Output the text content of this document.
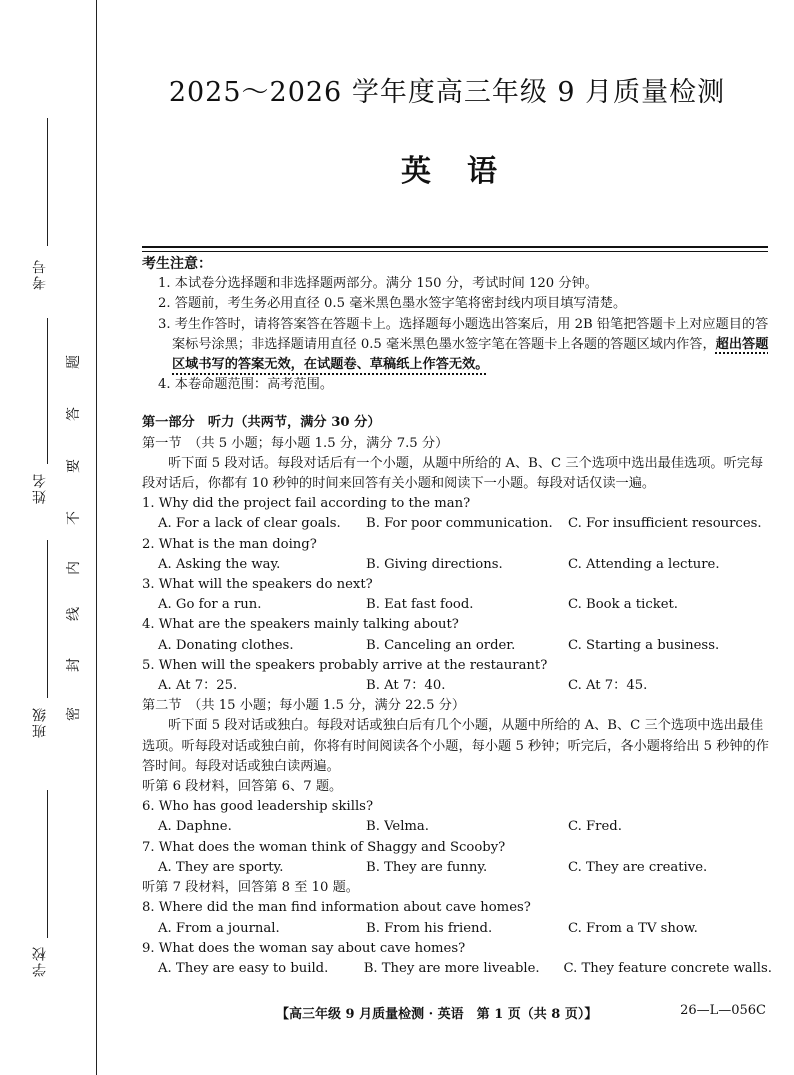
考号
姓名
班级
学校
题
答
要
不
内
线
封
密
2025～2026 学年度高三年级 9 月质量检测
英语
考生注意：
1. 本试卷分选择题和非选择题两部分。满分 150 分，考试时间 120 分钟。
2. 答题前，考生务必用直径 0.5 毫米黑色墨水签字笔将密封线内项目填写清楚。
3. 考生作答时，请将答案答在答题卡上。选择题每小题选出答案后，用 2B 铅笔把答题卡上对应题目的答案标号涂黑；非选择题请用直径 0.5 毫米黑色墨水签字笔在答题卡上各题的答题区域内作答，超出答题区域书写的答案无效，在试题卷、草稿纸上作答无效。
4. 本卷命题范围：高考范围。
第一部分　听力（共两节，满分 30 分）
第一节　（共 5 小题；每小题 1.5 分，满分 7.5 分）
听下面 5 段对话。每段对话后有一个小题，从题中所给的 A、B、C 三个选项中选出最佳选项。听完每段对话后，你都有 10 秒钟的时间来回答有关小题和阅读下一小题。每段对话仅读一遍。
1. Why did the project fail according to the man?
A. For a lack of clear goals.	B. For poor communication.	C. For insufficient resources.
2. What is the man doing?
A. Asking the way.	B. Giving directions.	C. Attending a lecture.
3. What will the speakers do next?
A. Go for a run.	B. Eat fast food.	C. Book a ticket.
4. What are the speakers mainly talking about?
A. Donating clothes.	B. Canceling an order.	C. Starting a business.
5. When will the speakers probably arrive at the restaurant?
A. At 7：25.	B. At 7：40.	C. At 7：45.
第二节　（共 15 小题；每小题 1.5 分，满分 22.5 分）
听下面 5 段对话或独白。每段对话或独白后有几个小题，从题中所给的 A、B、C 三个选项中选出最佳选项。听每段对话或独白前，你将有时间阅读各个小题，每小题 5 秒钟；听完后，各小题将给出 5 秒钟的作答时间。每段对话或独白读两遍。
听第 6 段材料，回答第 6、7 题。
6. Who has good leadership skills?
A. Daphne.	B. Velma.	C. Fred.
7. What does the woman think of Shaggy and Scooby?
A. They are sporty.	B. They are funny.	C. They are creative.
听第 7 段材料，回答第 8 至 10 题。
8. Where did the man find information about cave homes?
A. From a journal.	B. From his friend.	C. From a TV show.
9. What does the woman say about cave homes?
A. They are easy to build.	B. They are more liveable.	C. They feature concrete walls.
【高三年级 9 月质量检测 · 英语　第 1 页（共 8 页）】	26—L—056C
